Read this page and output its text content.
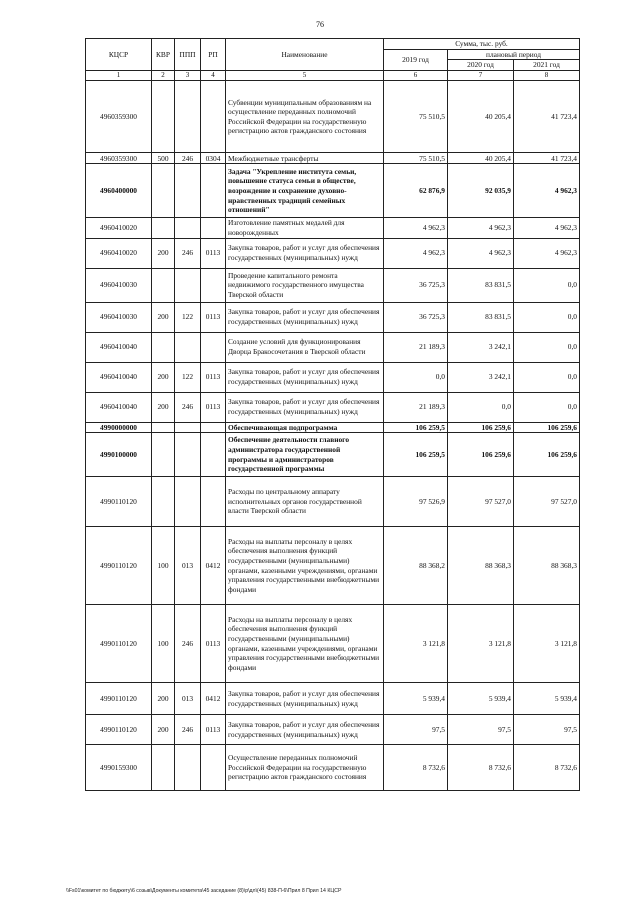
76
КЦСР	КВР	ППП	РП	Наименование	Сумма, тыс. руб.		
					2019 год	плановый период	
						2020 год	2021 год
1	2	3	4	5	6	7	8
4960359300				Субвенции муниципальным образованиям на осуществление переданных полномочий Российской Федерации на государственную регистрацию актов гражданского состояния	75 510,5	40 205,4	41 723,4
4960359300	500	246	0304	Межбюджетные трансферты	75 510,5	40 205,4	41 723,4
4960400000				Задача "Укрепление института семьи, повышение статуса семьи в обществе, возрождение и сохранение духовно-нравственных традиций семейных отношений"	62 876,9	92 035,9	4 962,3
4960410020				Изготовление памятных медалей для новорожденных	4 962,3	4 962,3	4 962,3
4960410020	200	246	0113	Закупка товаров, работ и услуг для обеспечения государственных (муниципальных) нужд	4 962,3	4 962,3	4 962,3
4960410030				Проведение капитального ремонта недвижимого государственного имущества Тверской области	36 725,3	83 831,5	0,0
4960410030	200	122	0113	Закупка товаров, работ и услуг для обеспечения государственных (муниципальных) нужд	36 725,3	83 831,5	0,0
4960410040				Создание условий для функционирования Дворца Бракосочетания в Тверской области	21 189,3	3 242,1	0,0
4960410040	200	122	0113	Закупка товаров, работ и услуг для обеспечения государственных (муниципальных) нужд	0,0	3 242,1	0,0
4960410040	200	246	0113	Закупка товаров, работ и услуг для обеспечения государственных (муниципальных) нужд	21 189,3	0,0	0,0
4990000000				Обеспечивающая подпрограмма	106 259,5	106 259,6	106 259,6
4990100000				Обеспечение деятельности главного администратора государственной программы и администраторов государственной программы	106 259,5	106 259,6	106 259,6
4990110120				Расходы по центральному аппарату исполнительных органов государственной власти Тверской области	97 526,9	97 527,0	97 527,0
4990110120	100	013	0412	Расходы на выплаты персоналу в целях обеспечения выполнения функций государственными (муниципальными) органами, казенными учреждениями, органами управления государственными внебюджетными фондами	88 368,2	88 368,3	88 368,3
4990110120	100	246	0113	Расходы на выплаты персоналу в целях обеспечения выполнения функций государственными (муниципальными) органами, казенными учреждениями, органами управления государственными внебюджетными фондами	3 121,8	3 121,8	3 121,8
4990110120	200	013	0412	Закупка товаров, работ и услуг для обеспечения государственных (муниципальных) нужд	5 939,4	5 939,4	5 939,4
4990110120	200	246	0113	Закупка товаров, работ и услуг для обеспечения государственных (муниципальных) нужд	97,5	97,5	97,5
4990159300				Осуществление переданных полномочий Российской Федерации на государственную регистрацию актов гражданского состояния	8 732,6	8 732,6	8 732,6
\\Fs01\комитет по бюджету\6 созыв\Документы комитета\45 заседание (8)\p\дл\(45) 838-П-6\Прил 8 Прил 14 КЦСР
